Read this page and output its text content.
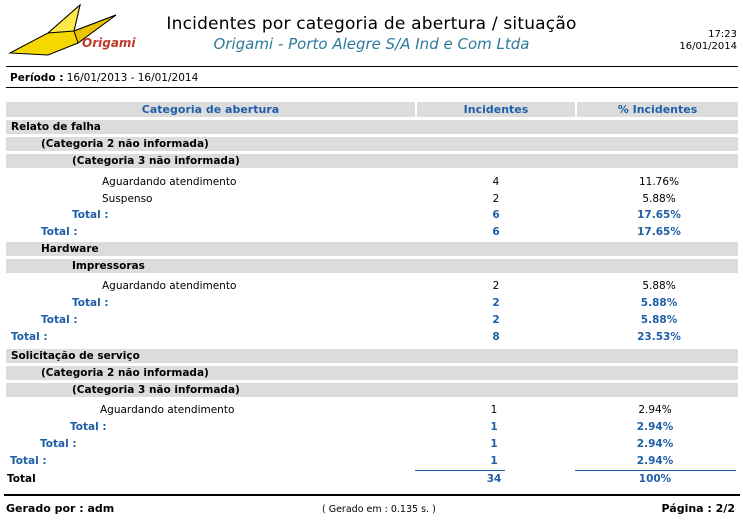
Origami
Incidentes por categoria de abertura / situação
Origami - Porto Alegre S/A Ind e Com Ltda
17:23
16/01/2014
Período : 16/01/2013 - 16/01/2014
Categoria de abertura	Incidentes	% Incidentes
Relato de falha
(Categoria 2 não informada)
(Categoria 3 não informada)
Aguardando atendimento	4	11.76%
Suspenso	2	5.88%
Total :	6	17.65%
Total :	6	17.65%
Hardware
Impressoras
Aguardando atendimento	2	5.88%
Total :	2	5.88%
Total :	2	5.88%
Total :	8	23.53%
Solicitação de serviço
(Categoria 2 não informada)
(Categoria 3 não informada)
Aguardando atendimento	1	2.94%
Total :	1	2.94%
Total :	1	2.94%
Total :	1	2.94%
Total	34	100%
Gerado por : adm	( Gerado em : 0.135 s. )	Página : 2/2
